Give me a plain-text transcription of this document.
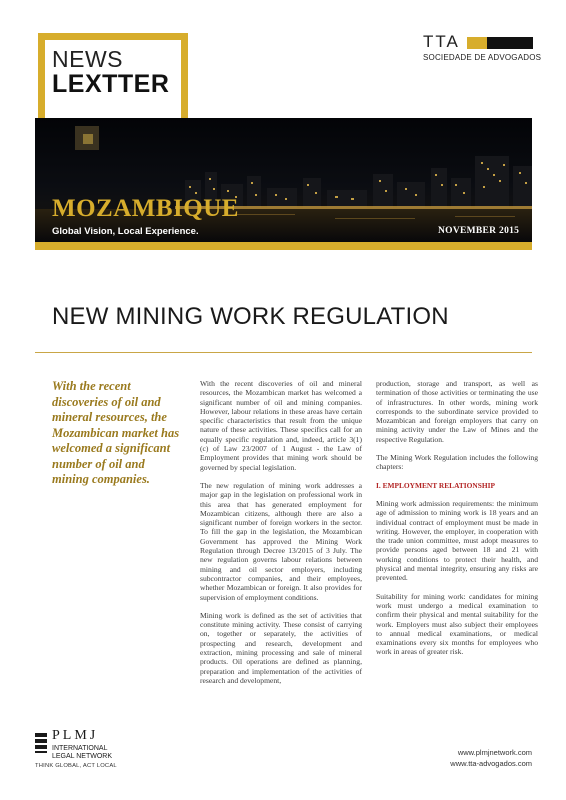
NEWS
LEXTTER
TTA
SOCIEDADE DE ADVOGADOS
MOZAMBIQUE
Global Vision, Local Experience.	NOVEMBER 2015
NEW MINING WORK REGULATION
With the recent discoveries of oil and mineral resources, the Mozambican market has welcomed a significant number of oil and mining companies.

With the recent discoveries of oil and mineral resources, the Mozambican market has welcomed a significant number of oil and mining companies. However, labour relations in these areas have certain specific characteristics that result from the unique nature of these activities. These specifics call for an equally specific regulation and, indeed, article 3(1)(c) of Law 23/2007 of 1 August - the Law of Employment provides that mining work should be governed by special legislation.

The new regulation of mining work addresses a major gap in the legislation on professional work in this area that has generated employment for Mozambican citizens, although there are also a significant number of foreign workers in the sector. To fill the gap in the legislation, the Mozambican Government has approved the Mining Work Regulation through Decree 13/2015 of 3 July. The new regulation governs labour relations between mining and oil sector employers, including subcontractor companies, and their employees, whether Mozambican or foreign. It also provides for supervision of employment conditions.

Mining work is defined as the set of activities that constitute mining activity. These consist of carrying on, together or separately, the activities of prospecting and research, development and extraction, mining processing and sale of mineral products. Oil operations are defined as planning, preparation and implementation of the activities of research and development,

production, storage and transport, as well as termination of those activities or terminating the use of infrastructures. In other words, mining work corresponds to the subordinate service provided to Mozambican and foreign employers that carry on mining activity under the Law of Mines and the respective Regulation.

The Mining Work Regulation includes the following chapters:

I. EMPLOYMENT RELATIONSHIP

Mining work admission requirements: the minimum age of admission to mining work is 18 years and an individual contract of employment must be made in writing. However, the employer, in cooperation with the trade union committee, must adopt measures to provide persons aged between 18 and 21 with working conditions to protect their health, and physical and mental integrity, ensuring any risks are prevented.

Suitability for mining work: candidates for mining work must undergo a medical examination to confirm their physical and mental suitability for the work. Employers must also subject their employees to annual medical examinations, or medical examinations every six months for employees who work in areas of greater risk.

PLMJ
INTERNATIONAL
LEGAL NETWORK
THINK GLOBAL, ACT LOCAL
www.plmjnetwork.com
www.tta-advogados.com
